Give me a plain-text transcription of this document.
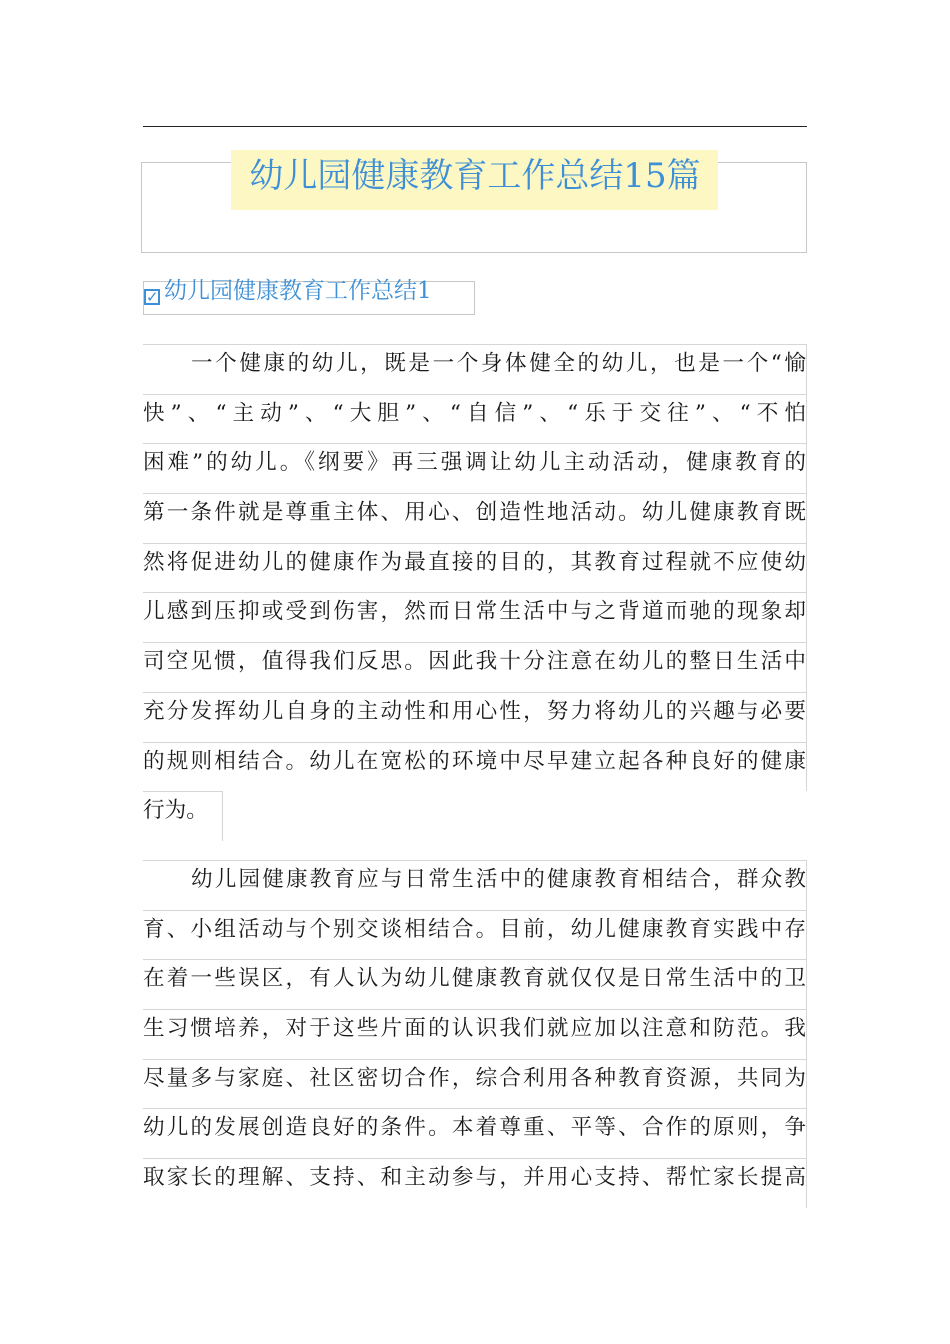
幼儿园健康教育工作总结15篇
✓ 幼儿园健康教育工作总结1
一个健康的幼儿，既是一个身体健全的幼儿，也是一个“愉
快”、“主动”、“大胆”、“自信”、“乐于交往”、“不怕
困难”的幼儿。《纲要》再三强调让幼儿主动活动，健康教育的
第一条件就是尊重主体、用心、创造性地活动。幼儿健康教育既
然将促进幼儿的健康作为最直接的目的，其教育过程就不应使幼
儿感到压抑或受到伤害，然而日常生活中与之背道而驰的现象却
司空见惯，值得我们反思。因此我十分注意在幼儿的整日生活中
充分发挥幼儿自身的主动性和用心性，努力将幼儿的兴趣与必要
的规则相结合。幼儿在宽松的环境中尽早建立起各种良好的健康
行为。
幼儿园健康教育应与日常生活中的健康教育相结合，群众教
育、小组活动与个别交谈相结合。目前，幼儿健康教育实践中存
在着一些误区，有人认为幼儿健康教育就仅仅是日常生活中的卫
生习惯培养，对于这些片面的认识我们就应加以注意和防范。我
尽量多与家庭、社区密切合作，综合利用各种教育资源，共同为
幼儿的发展创造良好的条件。本着尊重、平等、合作的原则，争
取家长的理解、支持、和主动参与，并用心支持、帮忙家长提高
